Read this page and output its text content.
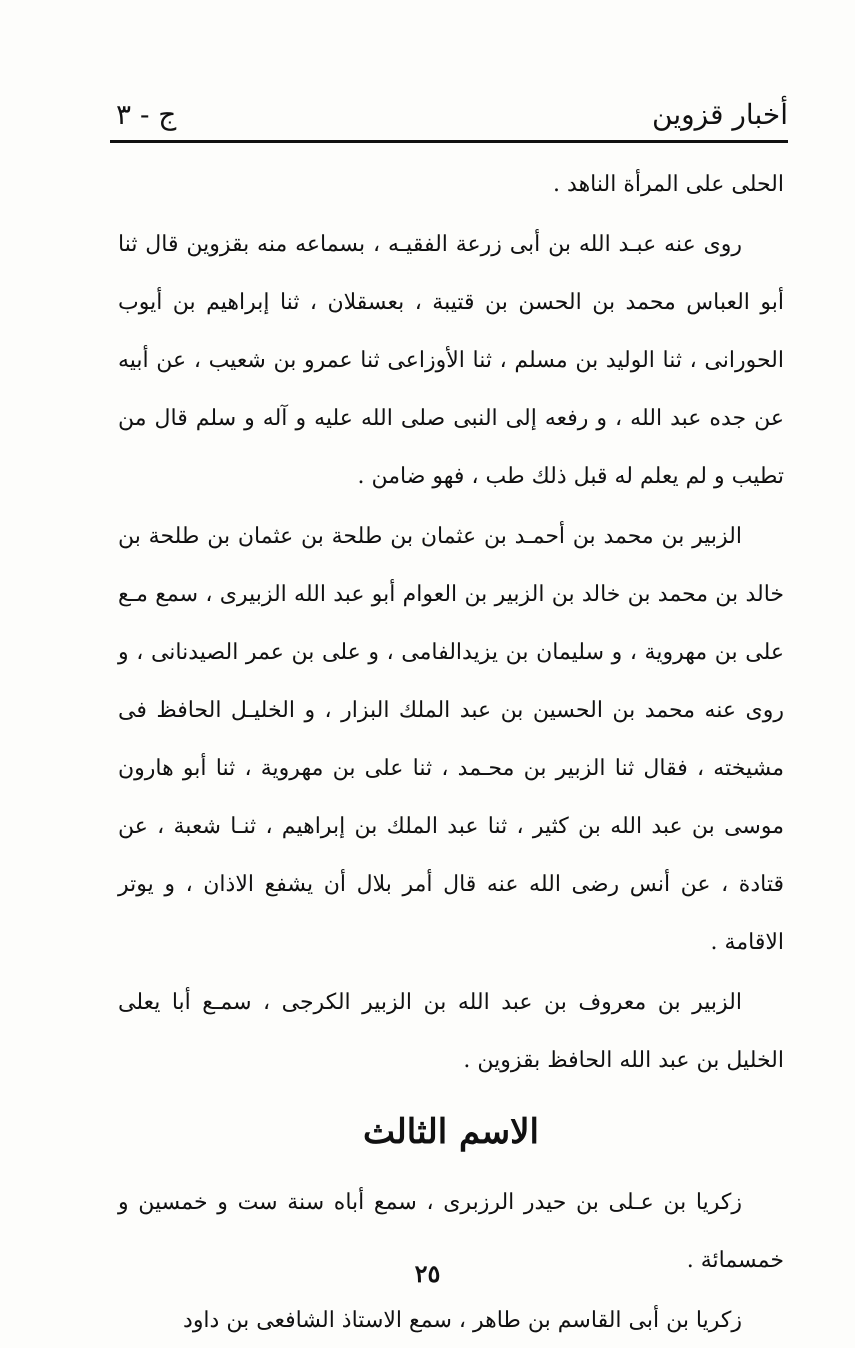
أخبار قزوين
ج - ٣

الحلى على المرأة الناهد .

روى عنه عبـد الله بن أبى زرعة الفقيـه ، بسماعه منه بقزوين قال ثنا أبو العباس محمد بن الحسن بن قتيبة ، بعسقلان ، ثنا إبراهيم بن أيوب الحورانى ، ثنا الوليد بن مسلم ، ثنا الأوزاعى ثنا عمرو بن شعيب ، عن أبيه عن جده عبد الله ، و رفعه إلى النبى صلى الله عليه و آله و سلم قال من تطيب و لم يعلم له قبل ذلك طب ، فهو ضامن .

الزبير بن محمد بن أحمـد بن عثمان بن طلحة بن عثمان بن طلحة بن خالد بن محمد بن خالد بن الزبير بن العوام أبو عبد الله الزبيرى ، سمع مـع على بن مهروية ، و سليمان بن يزيدالفامى ، و على بن عمر الصيدنانى ، و روى عنه محمد بن الحسين بن عبد الملك البزار ، و الخليـل الحافظ فى مشيخته ، فقال ثنا الزبير بن محـمد ، ثنا على بن مهروية ، ثنا أبو هارون موسى بن عبد الله بن كثير ، ثنا عبد الملك بن إبراهيم ، ثنـا شعبة ، عن قتادة ، عن أنس رضى الله عنه قال أمر بلال أن يشفع الاذان ، و يوتر الاقامة .

الزبير بن معروف بن عبد الله بن الزبير الكرجى ، سمـع أبا يعلى الخليل بن عبد الله الحافظ بقزوين .

الاسم الثالث

زكريا بن عـلى بن حيدر الرزبرى ، سمع أباه سنة ست و خمسين و خمسمائة .

زكريا بن أبى القاسم بن طاهر ، سمع الاستاذ الشافعى بن داود

٢٥
